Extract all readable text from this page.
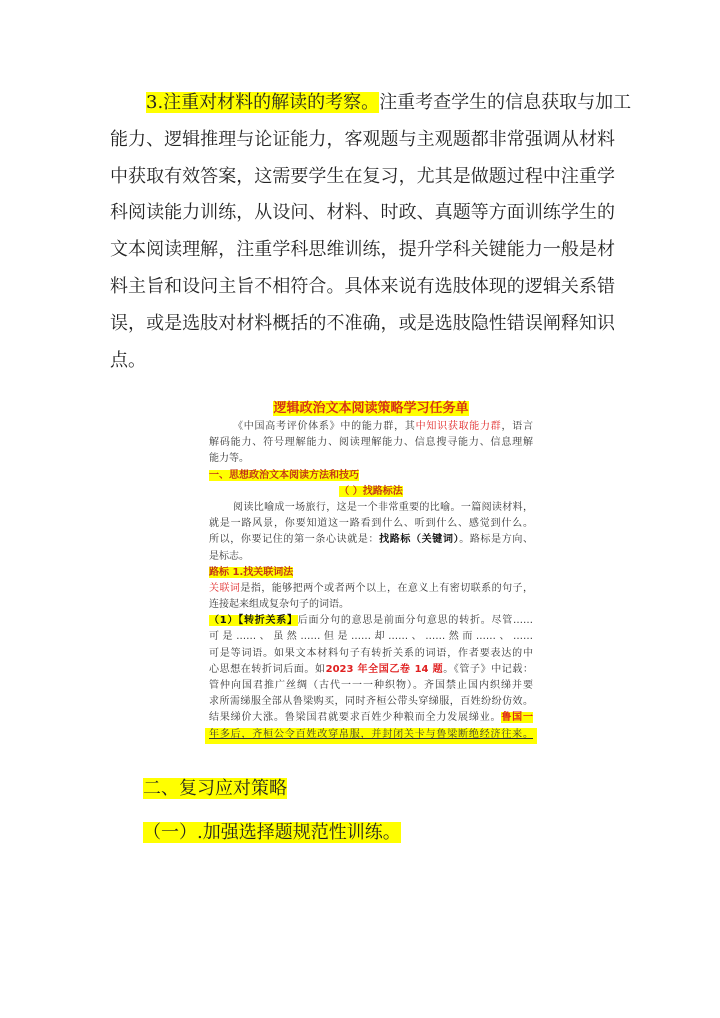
3.注重对材料的解读的考察。注重考查学生的信息获取与加工
能力、逻辑推理与论证能力，客观题与主观题都非常强调从材料
中获取有效答案，这需要学生在复习，尤其是做题过程中注重学
科阅读能力训练，从设问、材料、时政、真题等方面训练学生的
文本阅读理解，注重学科思维训练，提升学科关键能力一般是材
料主旨和设问主旨不相符合。具体来说有选肢体现的逻辑关系错
误，或是选肢对材料概括的不准确，或是选肢隐性错误阐释知识
点。
逻辑政治文本阅读策略学习任务单
《中国高考评价体系》中的能力群，其中知识获取能力群，语言
解码能力、符号理解能力、阅读理解能力、信息搜寻能力、信息理解
能力等。
一、思想政治文本阅读方法和技巧
（ ）找路标法
阅读比喻成一场旅行，这是一个非常重要的比喻。一篇阅读材料，
就是一路风景，你要知道这一路看到什么、听到什么、感觉到什么。
所以，你要记住的第一条心诀就是：找路标（关键词）。路标是方向、
是标志。
路标 1.找关联词法
关联词是指，能够把两个或者两个以上，在意义上有密切联系的句子，
连接起来组成复杂句子的词语。
（1）【转折关系】后面分句的意思是前面分句意思的转折。尽管……
可是……、虽然……但是……却……、……然而……、……
可是等词语。如果文本材料句子有转折关系的词语，作者要表达的中
心思想在转折词后面。如2023 年全国乙卷 14 题。《管子》中记载：
管仲向国君推广丝绸（古代一一一种织物）。齐国禁止国内织绨并要
求所需绨服全部从鲁梁购买，同时齐桓公带头穿绨服，百姓纷纷仿效。
结果绨价大涨。鲁梁国君就要求百姓少种粮而全力发展绨业。鲁国一
年多后，齐桓公令百姓改穿帛服，并封闭关卡与鲁梁断绝经济往来。
二、复习应对策略
（一）.加强选择题规范性训练。
